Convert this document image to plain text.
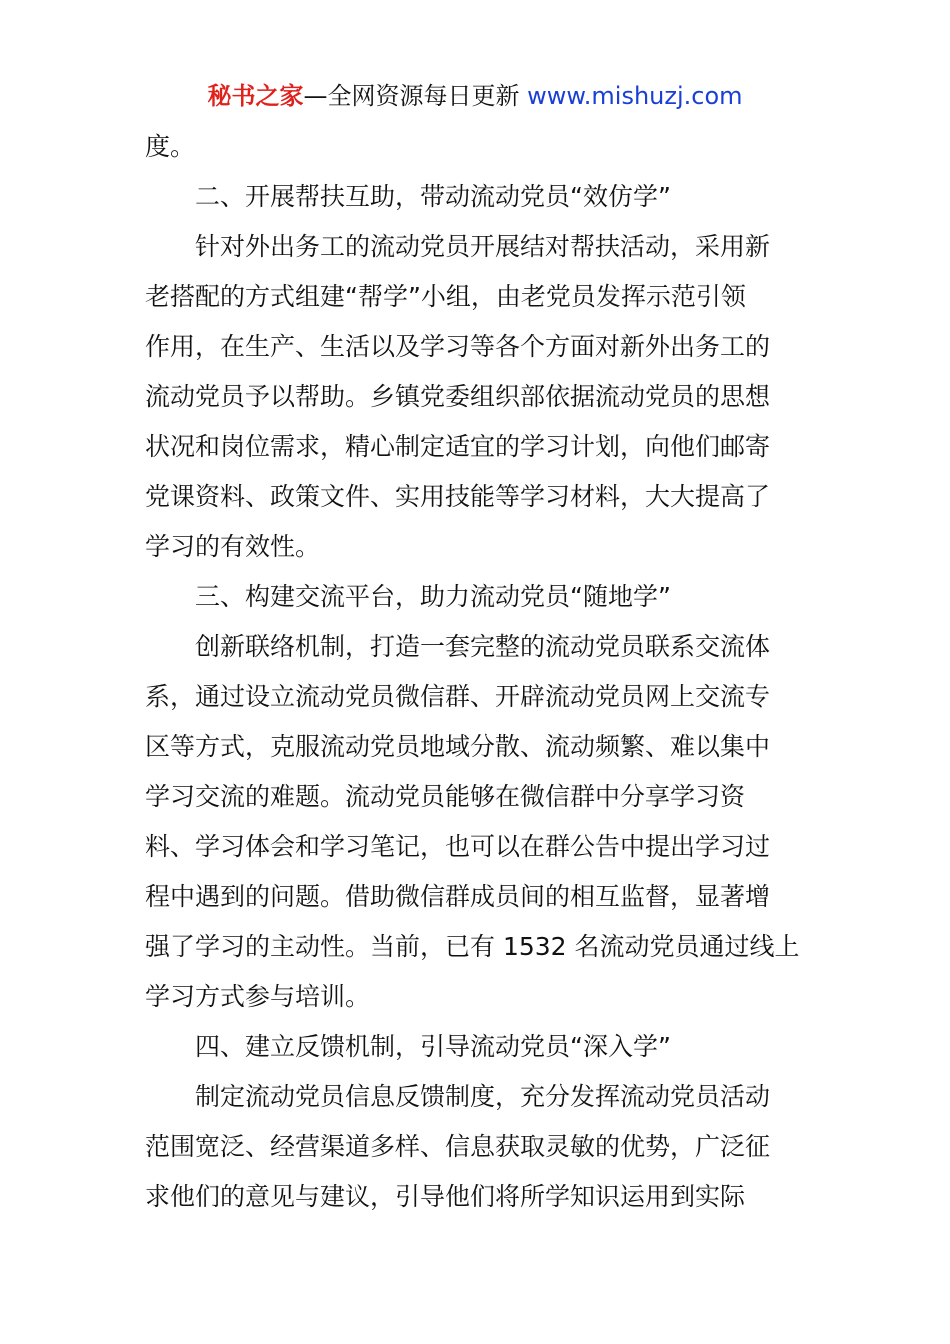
秘书之家—全网资源每日更新 www.mishuzj.com
度。
二、开展帮扶互助，带动流动党员“效仿学”
针对外出务工的流动党员开展结对帮扶活动，采用新
老搭配的方式组建“帮学”小组，由老党员发挥示范引领
作用，在生产、生活以及学习等各个方面对新外出务工的
流动党员予以帮助。乡镇党委组织部依据流动党员的思想
状况和岗位需求，精心制定适宜的学习计划，向他们邮寄
党课资料、政策文件、实用技能等学习材料，大大提高了
学习的有效性。
三、构建交流平台，助力流动党员“随地学”
创新联络机制，打造一套完整的流动党员联系交流体
系，通过设立流动党员微信群、开辟流动党员网上交流专
区等方式，克服流动党员地域分散、流动频繁、难以集中
学习交流的难题。流动党员能够在微信群中分享学习资
料、学习体会和学习笔记，也可以在群公告中提出学习过
程中遇到的问题。借助微信群成员间的相互监督，显著增
强了学习的主动性。当前，已有 1532 名流动党员通过线上
学习方式参与培训。
四、建立反馈机制，引导流动党员“深入学”
制定流动党员信息反馈制度，充分发挥流动党员活动
范围宽泛、经营渠道多样、信息获取灵敏的优势，广泛征
求他们的意见与建议，引导他们将所学知识运用到实际
